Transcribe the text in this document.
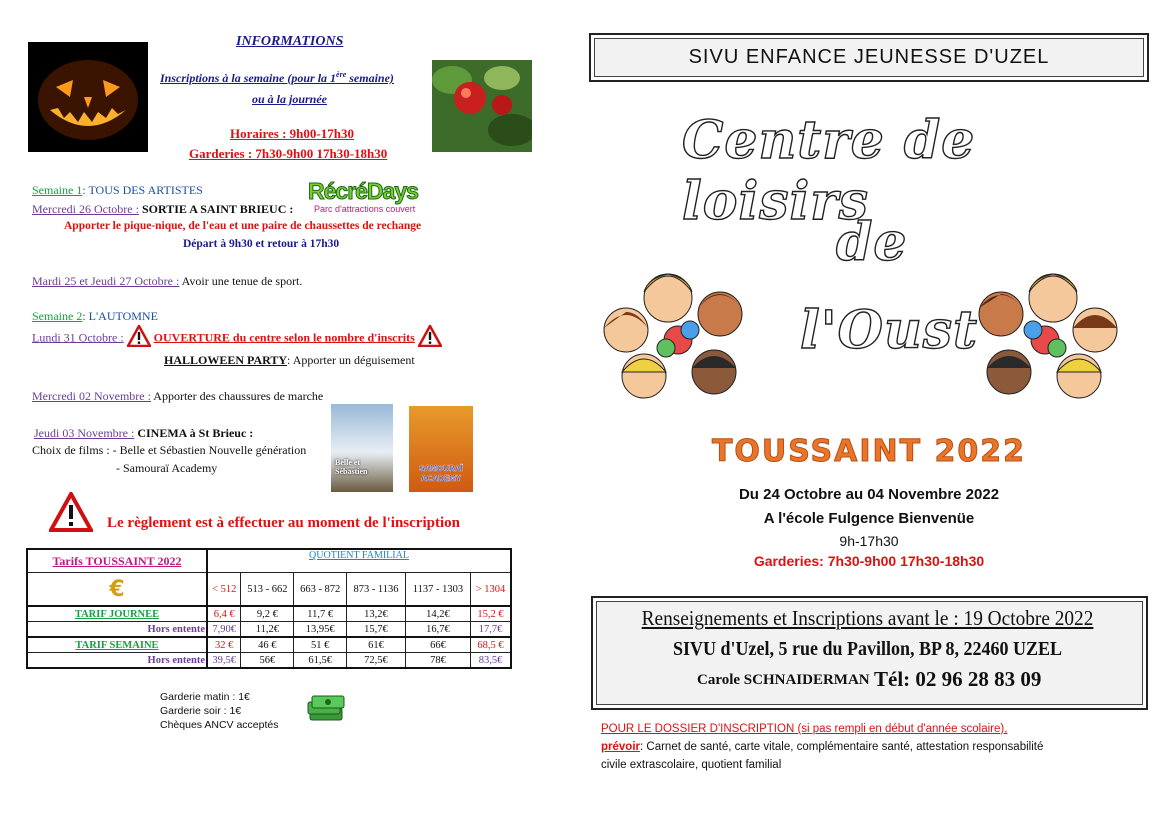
INFORMATIONS
Inscriptions à la semaine (pour la 1ère semaine)
ou à la journée
Horaires : 9h00-17h30
Garderies : 7h30-9h00 17h30-18h30
Semaine 1: TOUS DES ARTISTES	RécréDays
Parc d'attractions couvert
Mercredi 26 Octobre : SORTIE A SAINT BRIEUC :
Apporter le pique-nique, de l'eau et une paire de chaussettes de rechange
Départ à 9h30 et retour à 17h30
Mardi 25 et Jeudi 27 Octobre : Avoir une tenue de sport.
Semaine 2: L'AUTOMNE
Lundi 31 Octobre :	OUVERTURE du centre selon le nombre d'inscrits
HALLOWEEN PARTY: Apporter un déguisement
Mercredi 02 Novembre : Apporter des chaussures de marche
Jeudi 03 Novembre : CINEMA à St Brieuc :
Choix de films : - Belle et Sébastien Nouvelle génération
- Samouraï Academy	Belle et Sébastien	SAMOURAÏ ACADEMY
Le règlement est à effectuer au moment de l'inscription
Tarifs TOUSSAINT 2022	QUOTIENT FAMILIAL					
€	< 512	513 - 662	663 - 872	873 - 1136	1137 - 1303	> 1304
TARIF JOURNEE	6,4 €	9,2 €	11,7 €	13,2€	14,2€	15,2 €
Hors entente	7,90€	11,2€	13,95€	15,7€	16,7€	17,7€
TARIF SEMAINE	32 €	46 €	51 €	61€	66€	68,5 €
Hors entente	39,5€	56€	61,5€	72,5€	78€	83,5€
Garderie matin : 1€
Garderie soir : 1€
Chèques ANCV acceptés
SIVU ENFANCE JEUNESSE D'UZEL
Centre de loisirs
de
l'Oust
TOUSSAINT 2022
Du 24 Octobre au 04 Novembre 2022
A l'école Fulgence Bienvenüe
9h-17h30
Garderies: 7h30-9h00 17h30-18h30
Renseignements et Inscriptions avant le : 19 Octobre 2022
SIVU d'Uzel, 5 rue du Pavillon, BP 8, 22460 UZEL
Carole SCHNAIDERMAN Tél: 02 96 28 83 09
POUR LE DOSSIER D'INSCRIPTION (si pas rempli en début d'année scolaire),
prévoir: Carnet de santé, carte vitale, complémentaire santé, attestation responsabilité
civile extrascolaire, quotient familial
